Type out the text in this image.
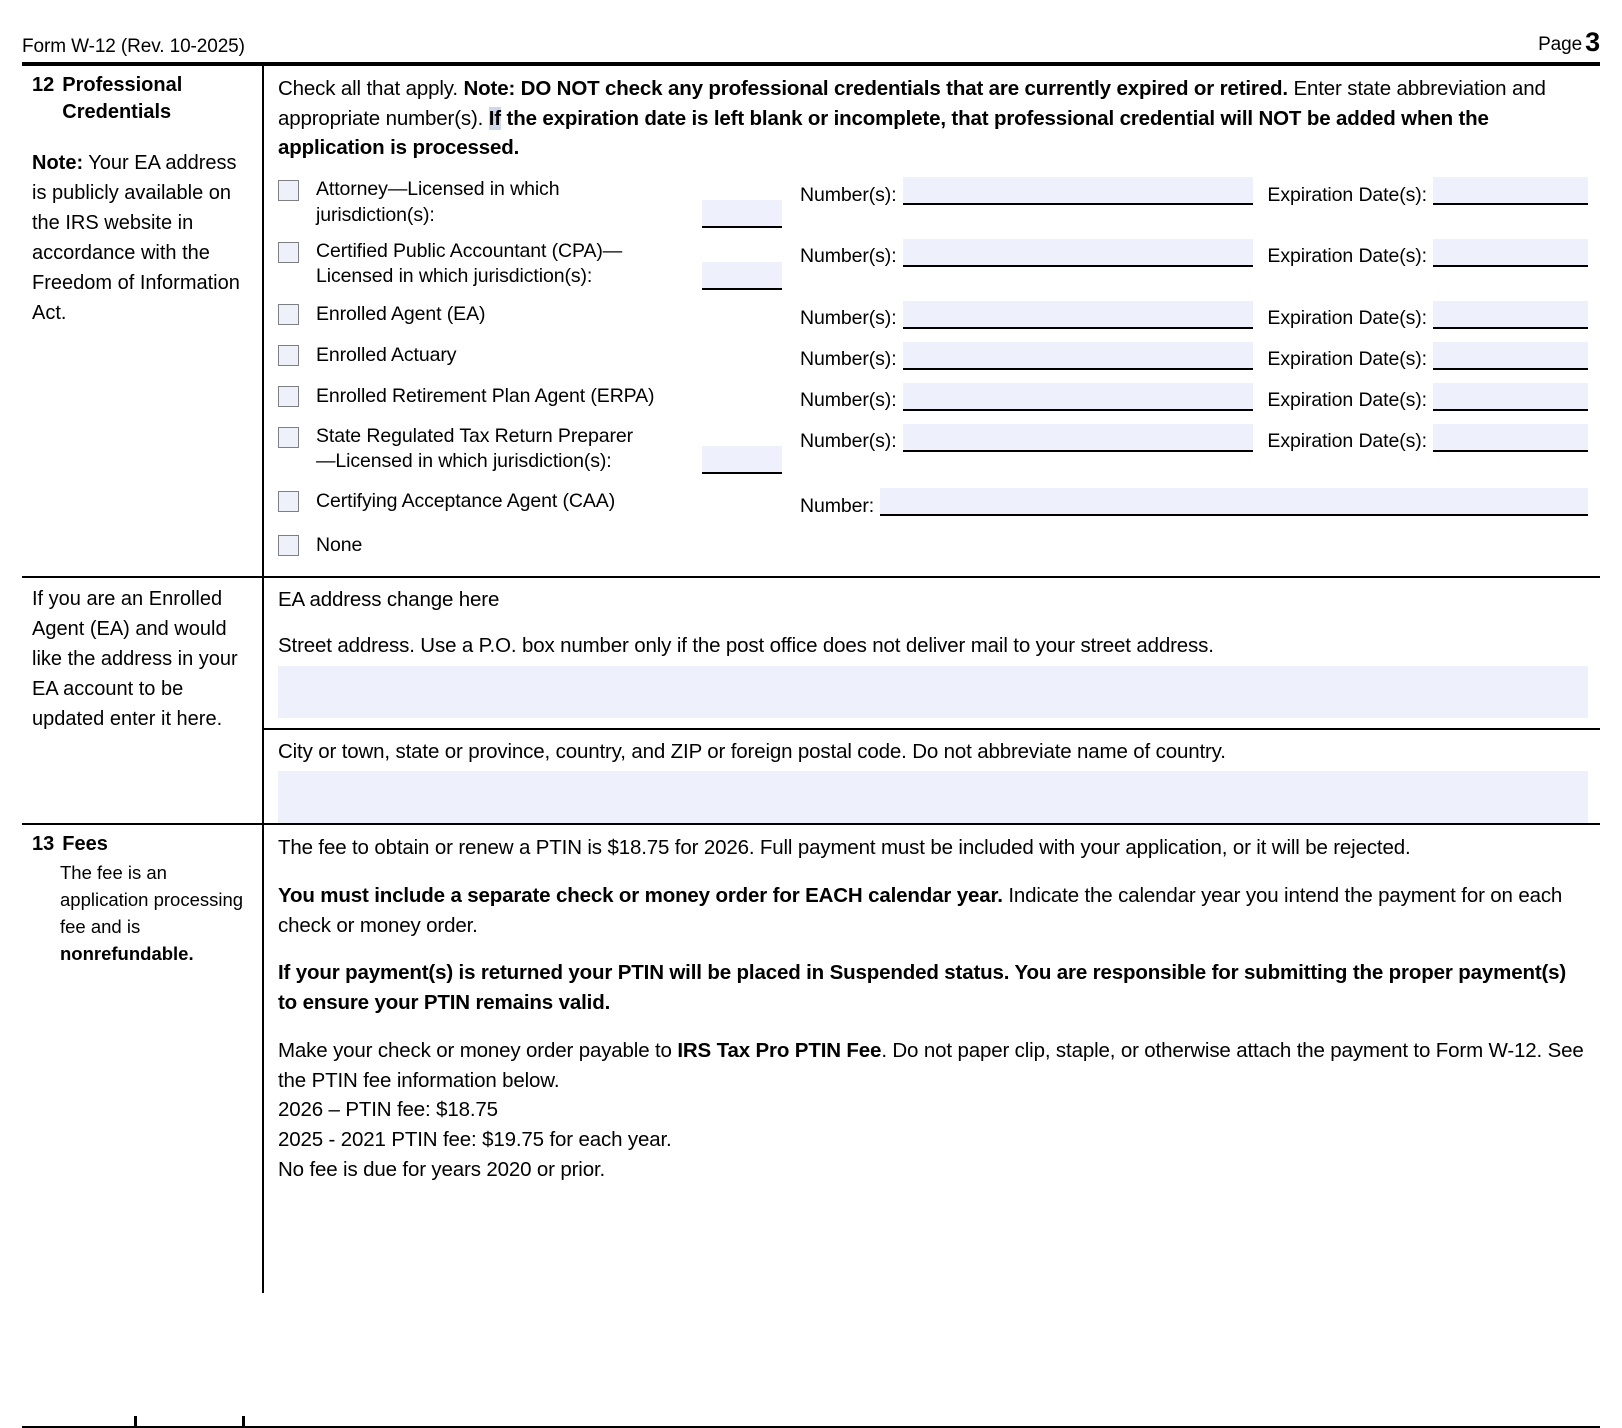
Form W-12 (Rev. 10-2025)	Page 3
12 Professional Credentials
Note: Your EA address is publicly available on the IRS website in accordance with the Freedom of Information Act.
Check all that apply. Note: DO NOT check any professional credentials that are currently expired or retired. Enter state abbreviation and appropriate number(s). If the expiration date is left blank or incomplete, that professional credential will NOT be added when the application is processed.
Attorney—Licensed in which
jurisdiction(s):
Number(s):	Expiration Date(s):
Certified Public Accountant (CPA)—
Licensed in which jurisdiction(s):
Number(s):	Expiration Date(s):
Enrolled Agent (EA)	Number(s):	Expiration Date(s):
Enrolled Actuary	Number(s):	Expiration Date(s):
Enrolled Retirement Plan Agent (ERPA)	Number(s):	Expiration Date(s):
State Regulated Tax Return Preparer
—Licensed in which jurisdiction(s):
Number(s):	Expiration Date(s):
Certifying Acceptance Agent (CAA)	Number:
None
If you are an Enrolled Agent (EA) and would like the address in your EA account to be updated enter it here.
EA address change here
Street address. Use a P.O. box number only if the post office does not deliver mail to your street address.
City or town, state or province, country, and ZIP or foreign postal code. Do not abbreviate name of country.
13 Fees
The fee is an application processing fee and is nonrefundable.
The fee to obtain or renew a PTIN is $18.75 for 2026. Full payment must be included with your application, or it will be rejected.
You must include a separate check or money order for EACH calendar year. Indicate the calendar year you intend the payment for on each check or money order.
If your payment(s) is returned your PTIN will be placed in Suspended status. You are responsible for submitting the proper payment(s) to ensure your PTIN remains valid.
Make your check or money order payable to IRS Tax Pro PTIN Fee. Do not paper clip, staple, or otherwise attach the payment to Form W-12. See the PTIN fee information below.
2026 – PTIN fee: $18.75
2025 - 2021 PTIN fee: $19.75 for each year.
No fee is due for years 2020 or prior.
